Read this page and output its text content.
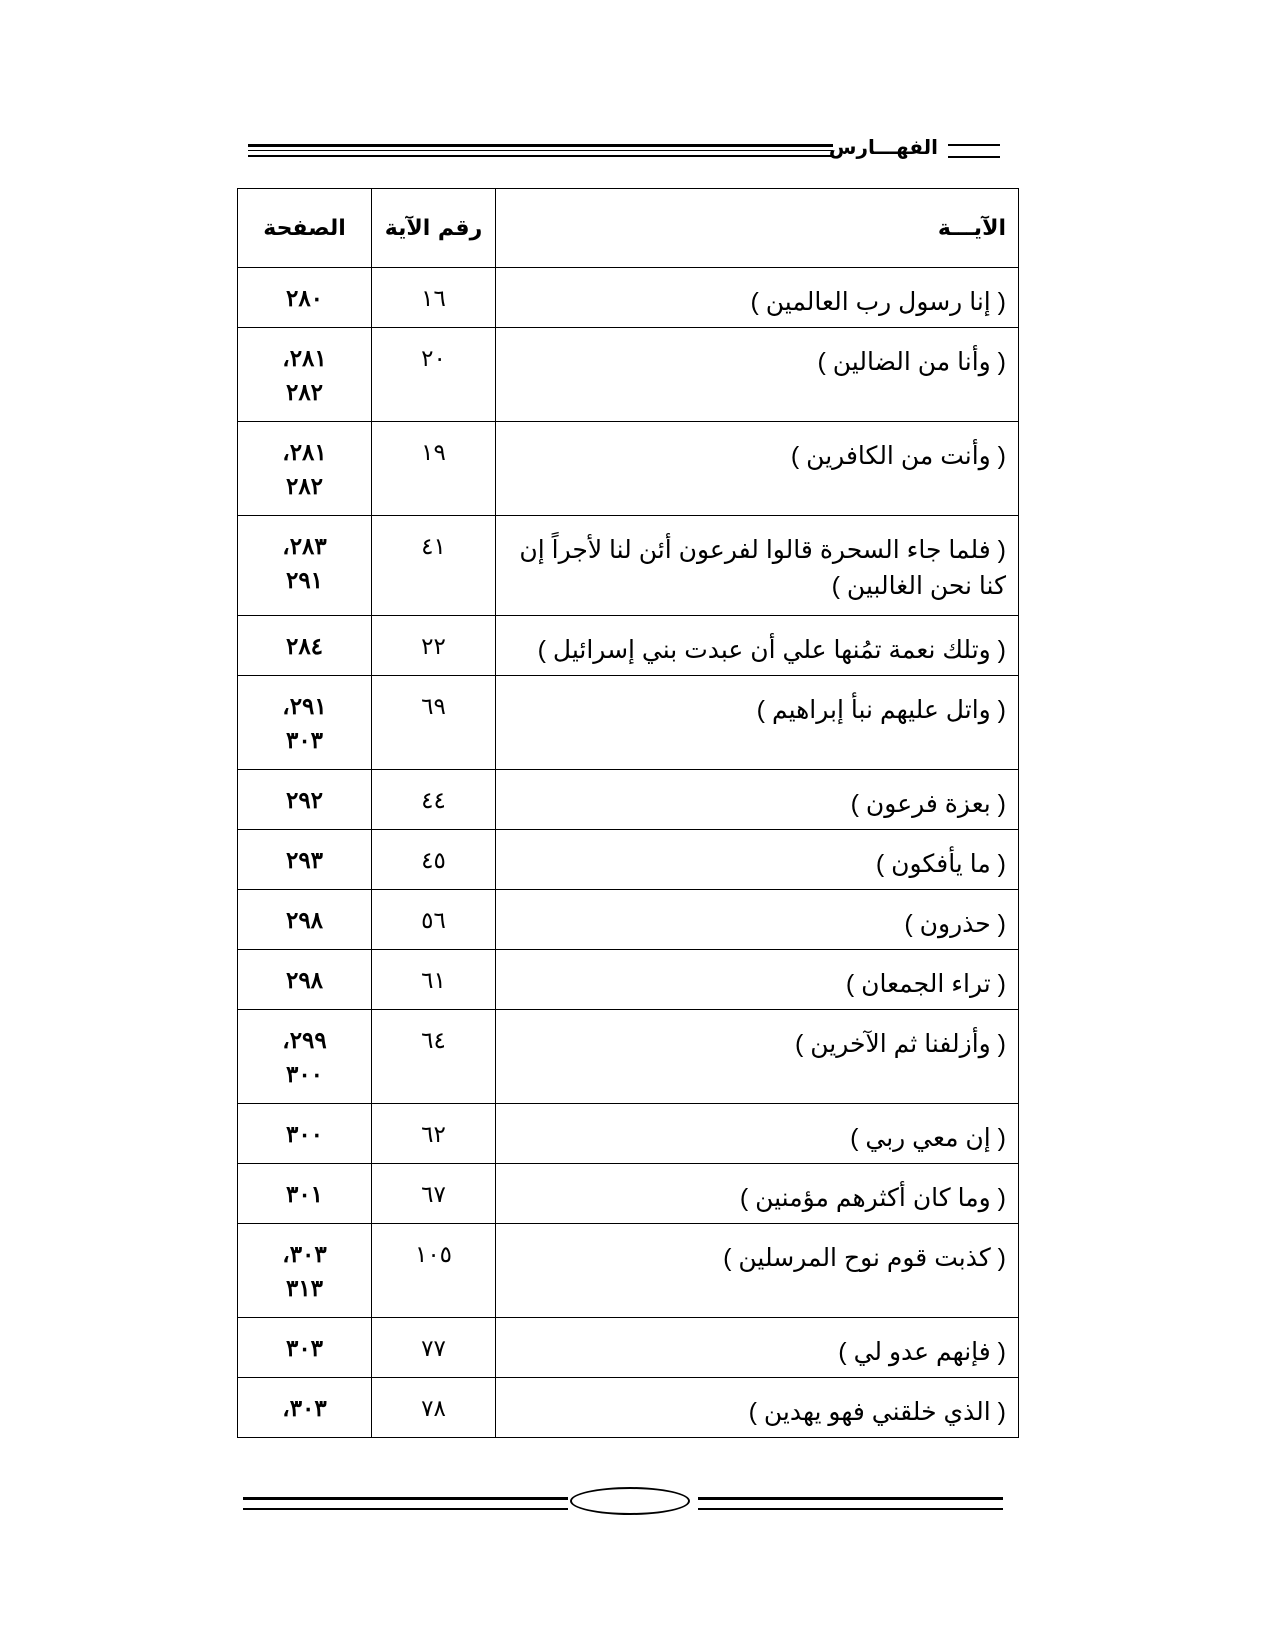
الفهـــارس
الآيـــة	رقم الآية	الصفحة
( إنا رسول رب العالمين )	١٦	٢٨٠

( وأنا من الضالين )	٢٠	٢٨١،
٢٨٢

( وأنت من الكافرين )	١٩	٢٨١،
٢٨٢

( فلما جاء السحرة قالوا لفرعون أئن لنا لأجراً إن كنا نحن الغالبين )	٤١	٢٨٣،
٢٩١

( وتلك نعمة تمُنها علي أن عبدت بني إسرائيل )	٢٢	٢٨٤

( واتل عليهم نبأ إبراهيم )	٦٩	٢٩١،
٣٠٣

( بعزة فرعون )	٤٤	٢٩٢

( ما يأفكون )	٤٥	٢٩٣

( حذرون )	٥٦	٢٩٨

( تراء الجمعان )	٦١	٢٩٨

( وأزلفنا ثم الآخرين )	٦٤	٢٩٩،
٣٠٠

( إن معي ربي )	٦٢	٣٠٠

( وما كان أكثرهم مؤمنين )	٦٧	٣٠١

( كذبت قوم نوح المرسلين )	١٠٥	٣٠٣،
٣١٣

( فإنهم عدو لي )	٧٧	٣٠٣

( الذي خلقني فهو يهدين )	٧٨	٣٠٣،
